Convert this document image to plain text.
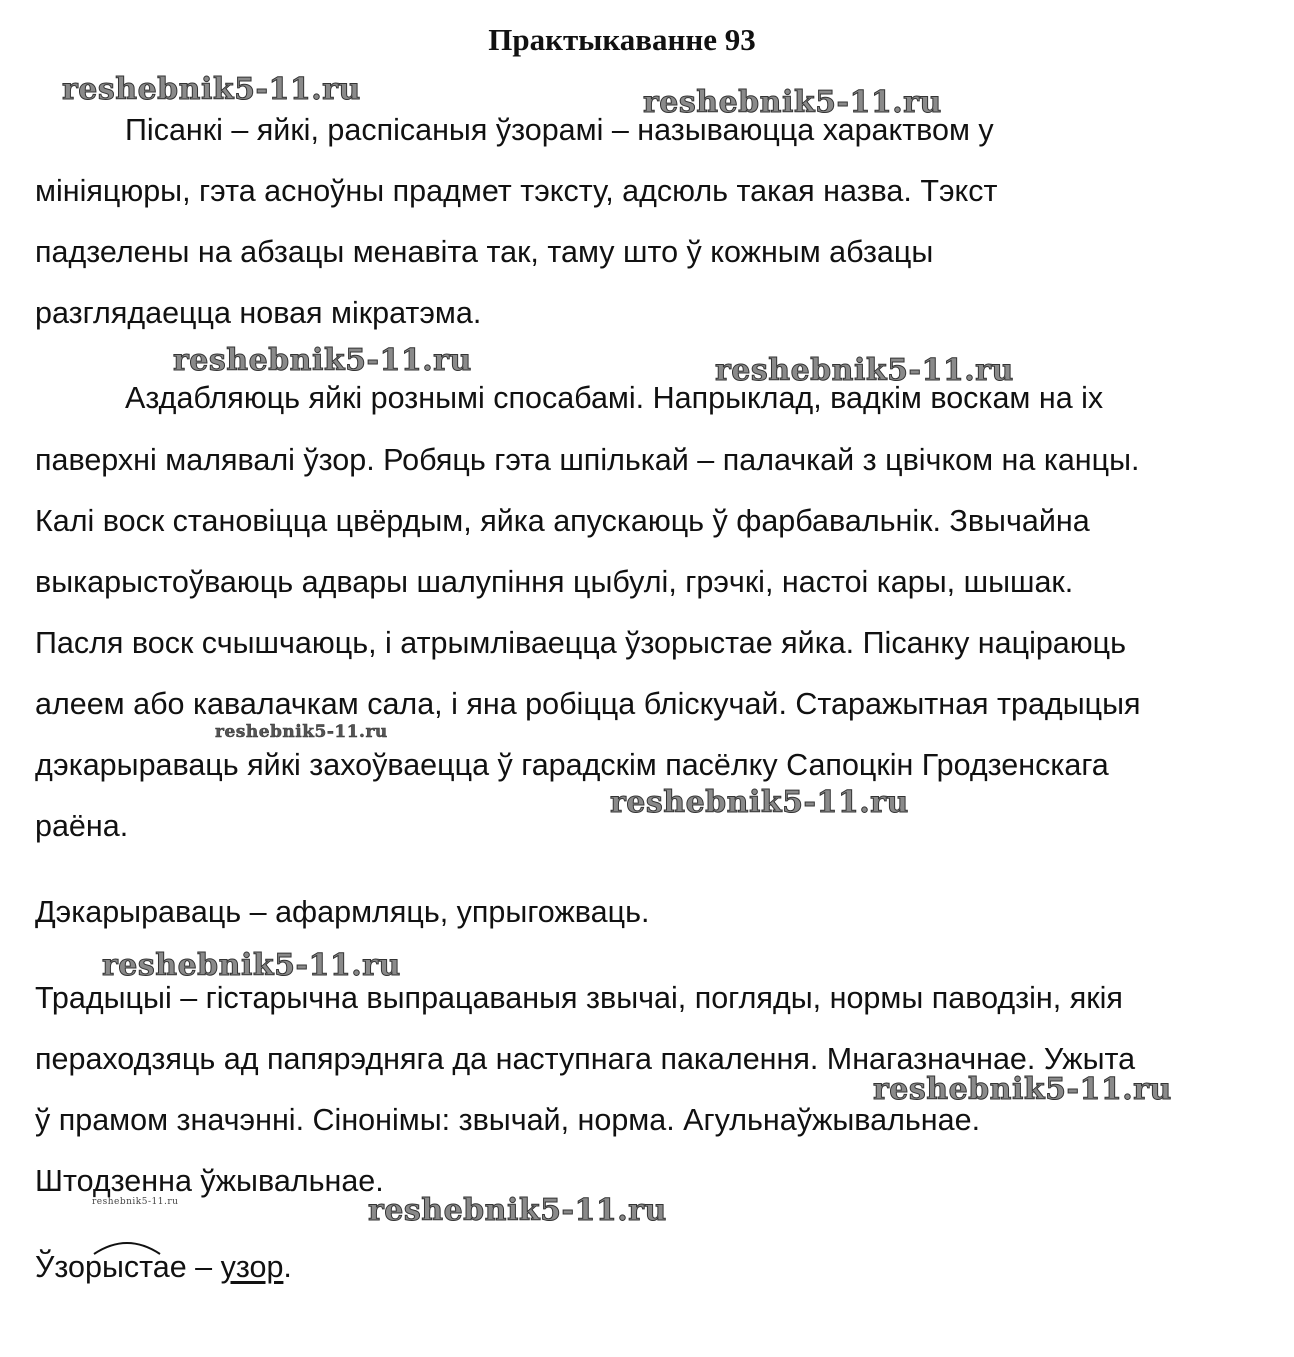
Практыкаванне 93
reshebnik5-11.ru	reshebnik5-11.ru
reshebnik5-11.ru	reshebnik5-11.ru
reshebnik5-11.ru
reshebnik5-11.ru
reshebnik5-11.ru
reshebnik5-11.ru
reshebnik5-11.ru	reshebnik5-11.ru
Пісанкі – яйкі, распісаныя ўзорамі – называюцца характвом у
мініяцюры, гэта асноўны прадмет тэксту, адсюль такая назва. Тэкст
падзелены на абзацы менавіта так, таму што ў кожным абзацы
разглядаецца новая мікратэма.
Аздабляюць яйкі рознымі спосабамі. Напрыклад, вадкім воскам на іх
паверхні малявалі ўзор. Робяць гэта шпількай – палачкай з цвічком на канцы.
Калі воск становіцца цвёрдым, яйка апускаюць ў фарбавальнік. Звычайна
выкарыстоўваюць адвары шалупіння цыбулі, грэчкі, настоі кары, шышак.
Пасля воск счышчаюць, і атрымліваецца ўзорыстае яйка. Пісанку націраюць
алеем або кавалачкам сала, і яна робіцца бліскучай. Старажытная традыцыя
дэкарыраваць яйкі захоўваецца ў гарадскім пасёлку Сапоцкін Гродзенскага
раёна.
Дэкарыраваць – афармляць, упрыгожваць.
Традыцыі – гістарычна выпрацаваныя звычаі, погляды, нормы паводзін, якія
пераходзяць ад папярэдняга да наступнага пакалення. Мнагазначнае. Ужыта
ў прамом значэнні. Сінонімы: звычай, норма. Агульнаўжывальнае.
Штодзенна ўжывальнае.
Ўзорыстае – узор.
